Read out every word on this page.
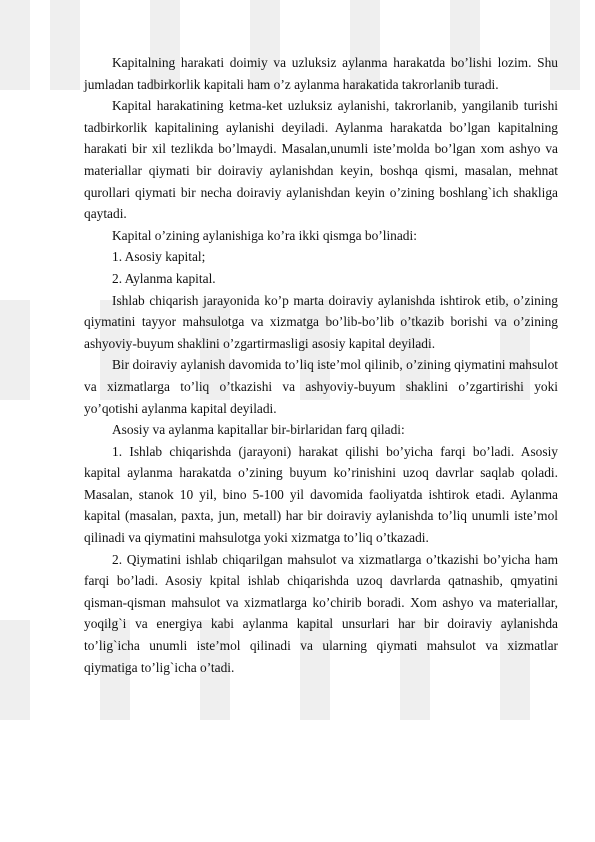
Kapitalning harakati doimiy va uzluksiz aylanma harakatda bo’lishi lozim. Shu jumladan tadbirkorlik kapitali ham o’z aylanma harakatida takrorlanib turadi.

Kapital harakatining ketma-ket uzluksiz aylanishi, takrorlanib, yangilanib turishi tadbirkorlik kapitalining aylanishi deyiladi. Aylanma harakatda bo’lgan kapitalning harakati bir xil tezlikda bo’lmaydi. Masalan,unumli iste’molda bo’lgan xom ashyo va materiallar qiymati bir doiraviy aylanishdan keyin, boshqa qismi, masalan, mehnat qurollari qiymati bir necha doiraviy aylanishdan keyin o’zining boshlang`ich shakliga qaytadi.

Kapital o’zining aylanishiga ko’ra ikki qismga bo’linadi:

1. Asosiy kapital;

2. Aylanma kapital.

Ishlab chiqarish jarayonida ko’p marta doiraviy aylanishda ishtirok etib, o’zining qiymatini tayyor mahsulotga va xizmatga bo’lib-bo’lib o’tkazib borishi va o’zining ashyoviy-buyum shaklini o’zgartirmasligi asosiy kapital deyiladi.

Bir doiraviy aylanish davomida to’liq iste’mol qilinib, o’zining qiymatini mahsulot va xizmatlarga to’liq o’tkazishi va ashyoviy-buyum shaklini o’zgartirishi yoki yo’qotishi aylanma kapital deyiladi.

Asosiy va aylanma kapitallar bir-birlaridan farq qiladi:

1. Ishlab chiqarishda (jarayoni) harakat qilishi bo’yicha farqi bo’ladi. Asosiy kapital aylanma harakatda o’zining buyum ko’rinishini uzoq davrlar saqlab qoladi. Masalan, stanok 10 yil, bino 5-100 yil davomida faoliyatda ishtirok etadi. Aylanma kapital (masalan, paxta, jun, metall) har bir doiraviy aylanishda to’liq unumli iste’mol qilinadi va qiymatini mahsulotga yoki xizmatga to’liq o’tkazadi.

2. Qiymatini ishlab chiqarilgan mahsulot va xizmatlarga o’tkazishi bo’yicha ham farqi bo’ladi. Asosiy kpital ishlab chiqarishda uzoq davrlarda qatnashib, qmyatini qisman-qisman mahsulot va xizmatlarga ko’chirib boradi. Xom ashyo va materiallar, yoqilg`i va energiya kabi aylanma kapital unsurlari har bir doiraviy aylanishda to’lig`icha unumli iste’mol qilinadi va ularning qiymati mahsulot va xizmatlar qiymatiga to’lig`icha o’tadi.
